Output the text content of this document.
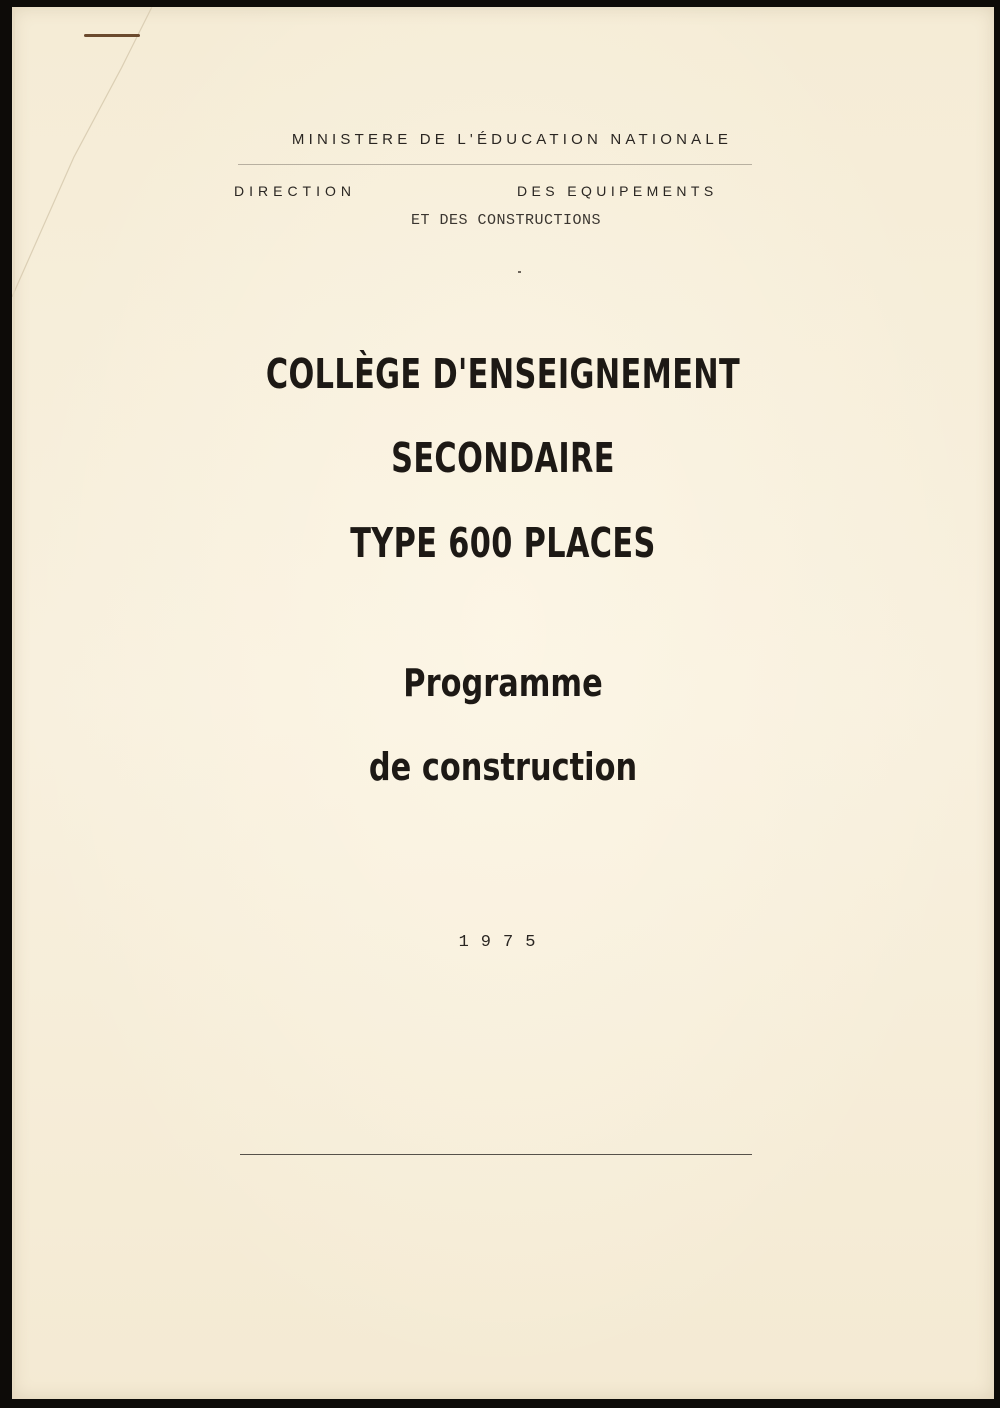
MINISTERE DE L'ÉDUCATION NATIONALE
DIRECTION	DES EQUIPEMENTS
ET DES CONSTRUCTIONS
COLLÈGE D'ENSEIGNEMENT
SECONDAIRE
TYPE 600 PLACES
Programme
de construction
1975
